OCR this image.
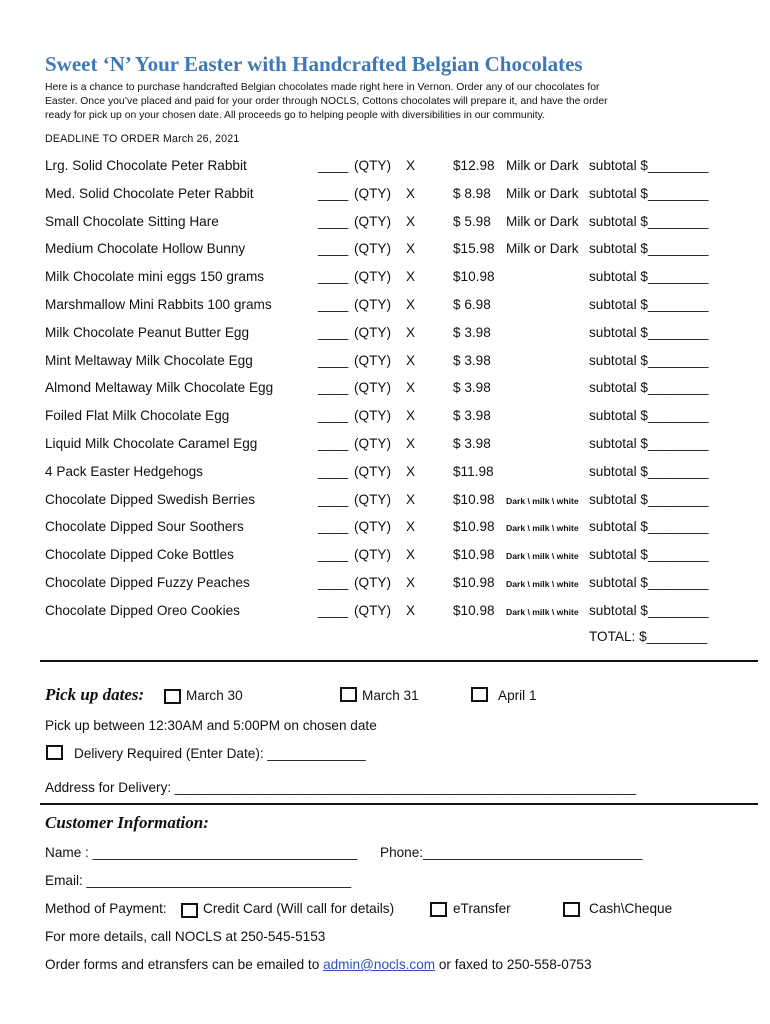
Sweet ‘N’ Your Easter with Handcrafted Belgian Chocolates
Here is a chance to purchase handcrafted Belgian chocolates made right here in Vernon. Order any of our chocolates for
Easter. Once you’ve placed and paid for your order through NOCLS, Cottons chocolates will prepare it, and have the order
ready for pick up on your chosen date. All proceeds go to helping people with diversibilities in our community.
DEADLINE TO ORDER March 26, 2021
Lrg. Solid Chocolate Peter Rabbit	____ (QTY) X	$12.98 Milk or Dark subtotal $________
Med. Solid Chocolate Peter Rabbit	____ (QTY) X	$ 8.98 Milk or Dark subtotal $________
Small Chocolate Sitting Hare	____ (QTY) X	$ 5.98 Milk or Dark subtotal $________
Medium Chocolate Hollow Bunny	____ (QTY) X	$15.98 Milk or Dark subtotal $________
Milk Chocolate mini eggs 150 grams	____ (QTY) X	$10.98	subtotal $________
Marshmallow Mini Rabbits 100 grams	____ (QTY) X	$ 6.98	subtotal $________
Milk Chocolate Peanut Butter Egg	____ (QTY) X	$ 3.98	subtotal $________
Mint Meltaway Milk Chocolate Egg	____ (QTY) X	$ 3.98	subtotal $________
Almond Meltaway Milk Chocolate Egg	____ (QTY) X	$ 3.98	subtotal $________
Foiled Flat Milk Chocolate Egg	____ (QTY) X	$ 3.98	subtotal $________
Liquid Milk Chocolate Caramel Egg	____ (QTY) X	$ 3.98	subtotal $________
4 Pack Easter Hedgehogs	____ (QTY) X	$11.98	subtotal $________
Chocolate Dipped Swedish Berries	____ (QTY) X	$10.98 Dark \ milk \ white subtotal $________
Chocolate Dipped Sour Soothers	____ (QTY) X	$10.98 Dark \ milk \ white subtotal $________
Chocolate Dipped Coke Bottles	____ (QTY) X	$10.98 Dark \ milk \ white subtotal $________
Chocolate Dipped Fuzzy Peaches	____ (QTY) X	$10.98 Dark \ milk \ white subtotal $________
Chocolate Dipped Oreo Cookies	____ (QTY) X	$10.98 Dark \ milk \ white subtotal $________
TOTAL: $________
Pick up dates:	March 30	March 31	April 1
Pick up between 12:30AM and 5:00PM on chosen date
Delivery Required (Enter Date): _____________
Address for Delivery: _____________________________________________________________
Customer Information:
Name : ___________________________________ Phone:_____________________________
Email: ___________________________________
Method of Payment:	Credit Card (Will call for details)	eTransfer	Cash\Cheque
For more details, call NOCLS at 250-545-5153
Order forms and etransfers can be emailed to admin@nocls.com or faxed to 250-558-0753
